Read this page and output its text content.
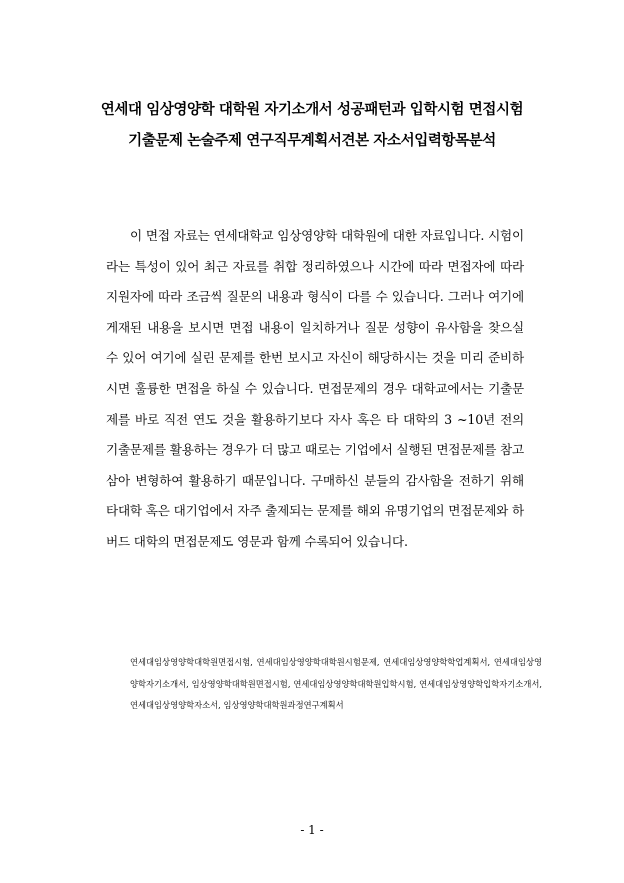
연세대 임상영양학 대학원 자기소개서 성공패턴과 입학시험 면접시험
기출문제 논술주제 연구직무계획서견본 자소서입력항목분석
이 면접 자료는 연세대학교 임상영양학 대학원에 대한 자료입니다. 시험이라는 특성이 있어 최근 자료를 취합 정리하였으나 시간에 따라 면접자에 따라 지원자에 따라 조금씩 질문의 내용과 형식이 다를 수 있습니다. 그러나 여기에 게재된 내용을 보시면 면접 내용이 일치하거나 질문 성향이 유사함을 찾으실 수 있어 여기에 실린 문제를 한번 보시고 자신이 해당하시는 것을 미리 준비하시면 훌륭한 면접을 하실 수 있습니다. 면접문제의 경우 대학교에서는 기출문제를 바로 직전 연도 것을 활용하기보다 자사 혹은 타 대학의 3 ~10년 전의 기출문제를 활용하는 경우가 더 많고 때로는 기업에서 실행된 면접문제를 참고삼아 변형하여 활용하기 때문입니다. 구매하신 분들의 감사함을 전하기 위해 타대학 혹은 대기업에서 자주 출제되는 문제를 해외 유명기업의 면접문제와 하버드 대학의 면접문제도 영문과 함께 수록되어 있습니다.
연세대임상영양학대학원면접시험, 연세대임상영양학대학원시험문제, 연세대임상영양학학업계획서, 연세대임상영양학자기소개서, 임상영양학대학원면접시험, 연세대임상영양학대학원입학시험, 연세대임상영양학입학자기소개서, 연세대임상영양학자소서, 임상영양학대학원과정연구계획서
- 1 -
